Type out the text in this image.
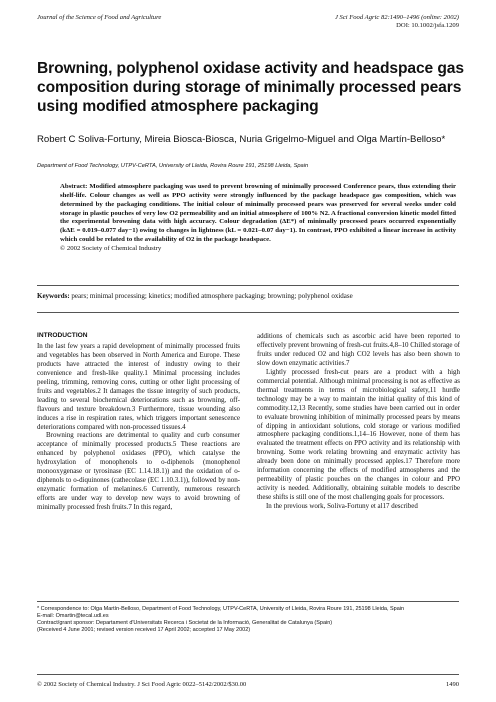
Journal of the Science of Food and Agriculture	J Sci Food Agric 82:1490–1496 (online: 2002)
DOI: 10.1002/jsfa.1209
Browning, polyphenol oxidase activity and headspace gas composition during storage of minimally processed pears using modified atmosphere packaging
Robert C Soliva-Fortuny, Mireia Biosca-Biosca, Nuria Grigelmo-Miguel and Olga Martín-Belloso*
Department of Food Technology, UTPV-CeRTA, University of Lleida, Rovira Roure 191, 25198 Lleida, Spain
Abstract: Modified atmosphere packaging was used to prevent browning of minimally processed Conference pears, thus extending their shelf-life. Colour changes as well as PPO activity were strongly influenced by the package headspace gas composition, which was determined by the packaging conditions. The initial colour of minimally processed pears was preserved for several weeks under cold storage in plastic pouches of very low O2 permeability and an initial atmosphere of 100% N2. A fractional conversion kinetic model fitted the experimental browning data with high accuracy. Colour degradation (ΔE*) of minimally processed pears occurred exponentially (kΔE = 0.019–0.077 day−1) owing to changes in lightness (kL = 0.021–0.07 day−1). In contrast, PPO exhibited a linear increase in activity which could be related to the availability of O2 in the package headspace.
© 2002 Society of Chemical Industry
Keywords: pears; minimal processing; kinetics; modified atmosphere packaging; browning; polyphenol oxidase
INTRODUCTION

In the last few years a rapid development of minimally processed fruits and vegetables has been observed in North America and Europe. These products have attracted the interest of industry owing to their convenience and fresh-like quality.1 Minimal processing includes peeling, trimming, removing cores, cutting or other light processing of fruits and vegetables.2 It damages the tissue integrity of such products, leading to several biochemical deteriorations such as browning, off-flavours and texture breakdown.3 Furthermore, tissue wounding also induces a rise in respiration rates, which triggers important senescence deteriorations compared with non-processed tissues.4

Browning reactions are detrimental to quality and curb consumer acceptance of minimally processed products.5 These reactions are enhanced by polyphenol oxidases (PPO), which catalyse the hydroxylation of monophenols to o-diphenols (monophenol monooxygenase or tyrosinase (EC 1.14.18.1)) and the oxidation of o-diphenols to o-diquinones (cathecolase (EC 1.10.3.1)), followed by non-enzymatic formation of melanines.6 Currently, numerous research efforts are under way to develop new ways to avoid browning of minimally processed fresh fruits.7 In this regard,

additions of chemicals such as ascorbic acid have been reported to effectively prevent browning of fresh-cut fruits.4,8–10 Chilled storage of fruits under reduced O2 and high CO2 levels has also been shown to slow down enzymatic activities.7

Lightly processed fresh-cut pears are a product with a high commercial potential. Although minimal processing is not as effective as thermal treatments in terms of microbiological safety,11 hurdle technology may be a way to maintain the initial quality of this kind of commodity.12,13 Recently, some studies have been carried out in order to evaluate browning inhibition of minimally processed pears by means of dipping in antioxidant solutions, cold storage or various modified atmosphere packaging conditions.1,14–16 However, none of them has evaluated the treatment effects on PPO activity and its relationship with browning. Some work relating browning and enzymatic activity has already been done on minimally processed apples.17 Therefore more information concerning the effects of modified atmospheres and the permeability of plastic pouches on the changes in colour and PPO activity is needed. Additionally, obtaining suitable models to describe these shifts is still one of the most challenging goals for processors.

In the previous work, Soliva-Fortuny et al17 described

* Correspondence to: Olga Martín-Belloso, Department of Food Technology, UTPV-CeRTA, University of Lleida, Rovira Roure 191, 25198 Lleida, Spain
E-mail: Omartin@tecal.udl.es
Contract/grant sponsor: Departament d'Universitats Recerca i Societat de la Informació, Generalitat de Catalunya (Spain)
(Received 4 June 2001; revised version received 17 April 2002; accepted 17 May 2002)
© 2002 Society of Chemical Industry. J Sci Food Agric 0022–5142/2002/$30.00	1490
